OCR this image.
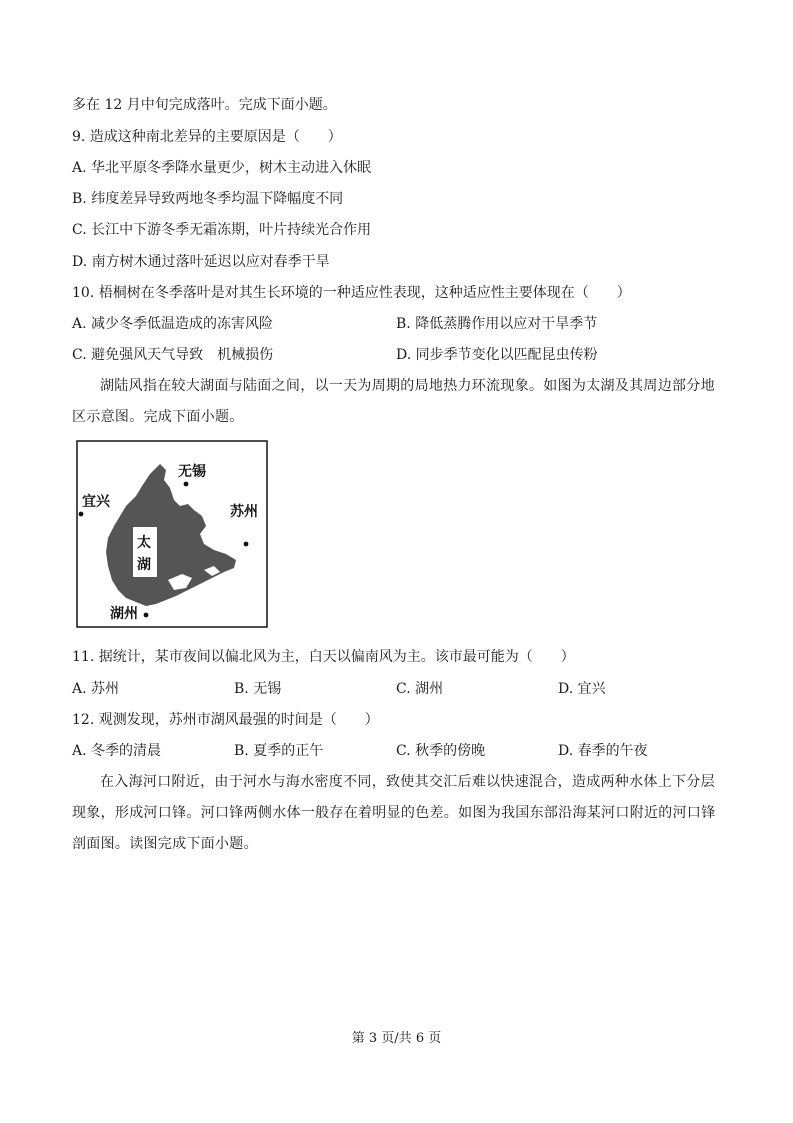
多在 12 月中旬完成落叶。完成下面小题。
9. 造成这种南北差异的主要原因是（　　）
A. 华北平原冬季降水量更少，树木主动进入休眠
B. 纬度差异导致两地冬季均温下降幅度不同
C. 长江中下游冬季无霜冻期，叶片持续光合作用
D. 南方树木通过落叶延迟以应对春季干旱
10. 梧桐树在冬季落叶是对其生长环境的一种适应性表现，这种适应性主要体现在（　　）
A. 减少冬季低温造成的冻害风险	B. 降低蒸腾作用以应对干旱季节
C. 避免强风天气导致　机械损伤	D. 同步季节变化以匹配昆虫传粉
湖陆风指在较大湖面与陆面之间，以一天为周期的局地热力环流现象。如图为太湖及其周边部分地区示意图。完成下面小题。
无锡
宜兴
苏州
湖州
太
湖
11. 据统计，某市夜间以偏北风为主，白天以偏南风为主。该市最可能为（　　）
A. 苏州	B. 无锡	C. 湖州	D. 宜兴
12. 观测发现，苏州市湖风最强的时间是（　　）
A. 冬季的清晨	B. 夏季的正午	C. 秋季的傍晚	D. 春季的午夜
在入海河口附近，由于河水与海水密度不同，致使其交汇后难以快速混合，造成两种水体上下分层现象，形成河口锋。河口锋两侧水体一般存在着明显的色差。如图为我国东部沿海某河口附近的河口锋剖面图。读图完成下面小题。
第 3 页/共 6 页
